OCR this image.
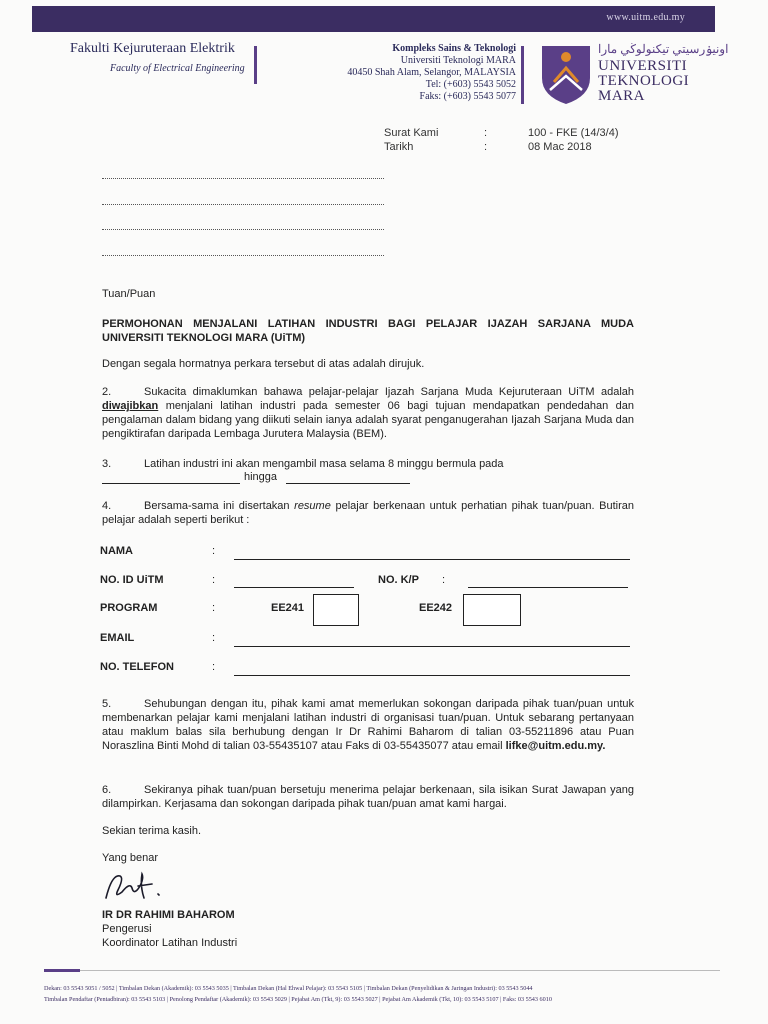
www.uitm.edu.my
Fakulti Kejuruteraan Elektrik
Faculty of Electrical Engineering
Kompleks Sains & Teknologi
Universiti Teknologi MARA
40450 Shah Alam, Selangor, MALAYSIA
Tel: (+603) 5543 5052
Faks: (+603) 5543 5077
اونيۏرسيتي تيکنولوڬي مارا
UNIVERSITI
TEKNOLOGI
MARA
Surat Kami	:	100 - FKE (14/3/4)
Tarikh	:	08 Mac 2018
Tuan/Puan
PERMOHONAN MENJALANI LATIHAN INDUSTRI BAGI PELAJAR IJAZAH SARJANA MUDA UNIVERSITI TEKNOLOGI MARA (UiTM)
Dengan segala hormatnya perkara tersebut di atas adalah dirujuk.
2.	Sukacita dimaklumkan bahawa pelajar-pelajar Ijazah Sarjana Muda Kejuruteraan UiTM adalah diwajibkan menjalani latihan industri pada semester 06 bagi tujuan mendapatkan pendedahan dan pengalaman dalam bidang yang diikuti selain ianya adalah syarat penganugerahan Ijazah Sarjana Muda dan pengiktirafan daripada Lembaga Jurutera Malaysia (BEM).
3.	Latihan industri ini akan mengambil masa selama 8 minggu bermula pada
hingga
4.	Bersama-sama ini disertakan resume pelajar berkenaan untuk perhatian pihak tuan/puan. Butiran pelajar adalah seperti berikut :
NAMA	:
NO. ID UiTM	:	NO. K/P :
PROGRAM	:	EE241	EE242
EMAIL	:
NO. TELEFON	:
5.	Sehubungan dengan itu, pihak kami amat memerlukan sokongan daripada pihak tuan/puan untuk membenarkan pelajar kami menjalani latihan industri di organisasi tuan/puan. Untuk sebarang pertanyaan atau maklum balas sila berhubung dengan Ir Dr Rahimi Baharom di talian 03-55211896 atau Puan Noraszlina Binti Mohd di talian 03-55435107 atau Faks di 03-55435077 atau email lifke@uitm.edu.my.
6.	Sekiranya pihak tuan/puan bersetuju menerima pelajar berkenaan, sila isikan Surat Jawapan yang dilampirkan. Kerjasama dan sokongan daripada pihak tuan/puan amat kami hargai.
Sekian terima kasih.
Yang benar
IR DR RAHIMI BAHAROM
Pengerusi
Koordinator Latihan Industri
Dekan: 03 5543 5051 / 5052 | Timbalan Dekan (Akademik): 03 5543 5035 | Timbalan Dekan (Hal Ehwal Pelajar): 03 5543 5105 | Timbalan Dekan (Penyelidikan & Jaringan Industri): 03 5543 5044
Timbalan Pendaftar (Pentadbiran): 03 5543 5103 | Penolong Pendaftar (Akademik): 03 5543 5029 | Pejabat Am (Tkt, 9): 03 5543 5027 | Pejabat Am Akademik (Tkt, 10): 03 5543 5107 | Faks: 03 5543 6010
